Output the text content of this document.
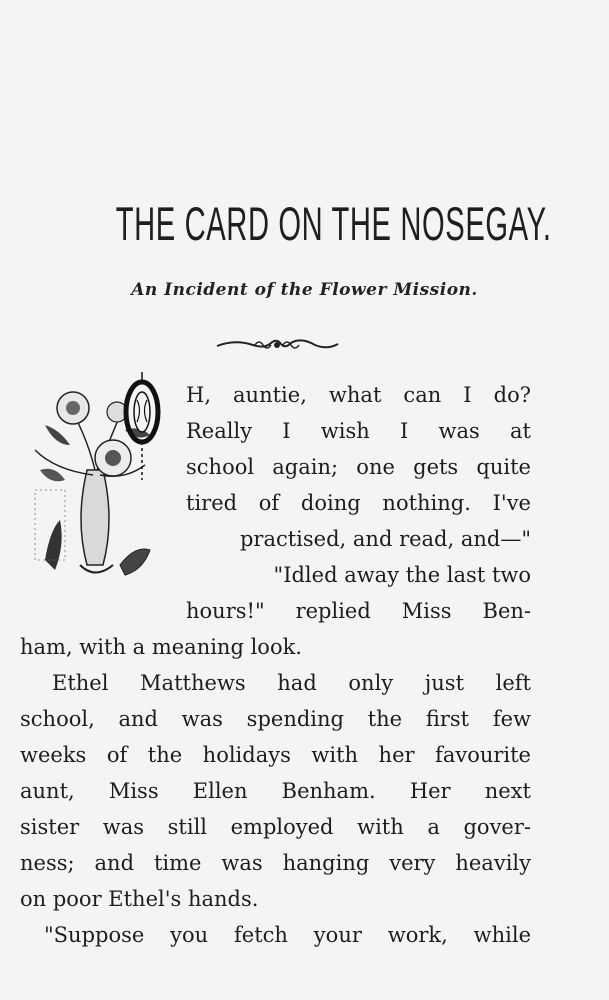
THE CARD ON THE NOSEGAY.
An Incident of the Flower Mission.
H, auntie, what can I do?
Really I wish I was at
school again; one gets quite
tired of doing nothing. I've
practised, and read, and—"
"Idled away the last two
hours!" replied Miss Ben-
ham, with a meaning look.
Ethel Matthews had only just left
school, and was spending the first few
weeks of the holidays with her favourite
aunt, Miss Ellen Benham. Her next
sister was still employed with a gover-
ness; and time was hanging very heavily
on poor Ethel's hands.
"Suppose you fetch your work, while
